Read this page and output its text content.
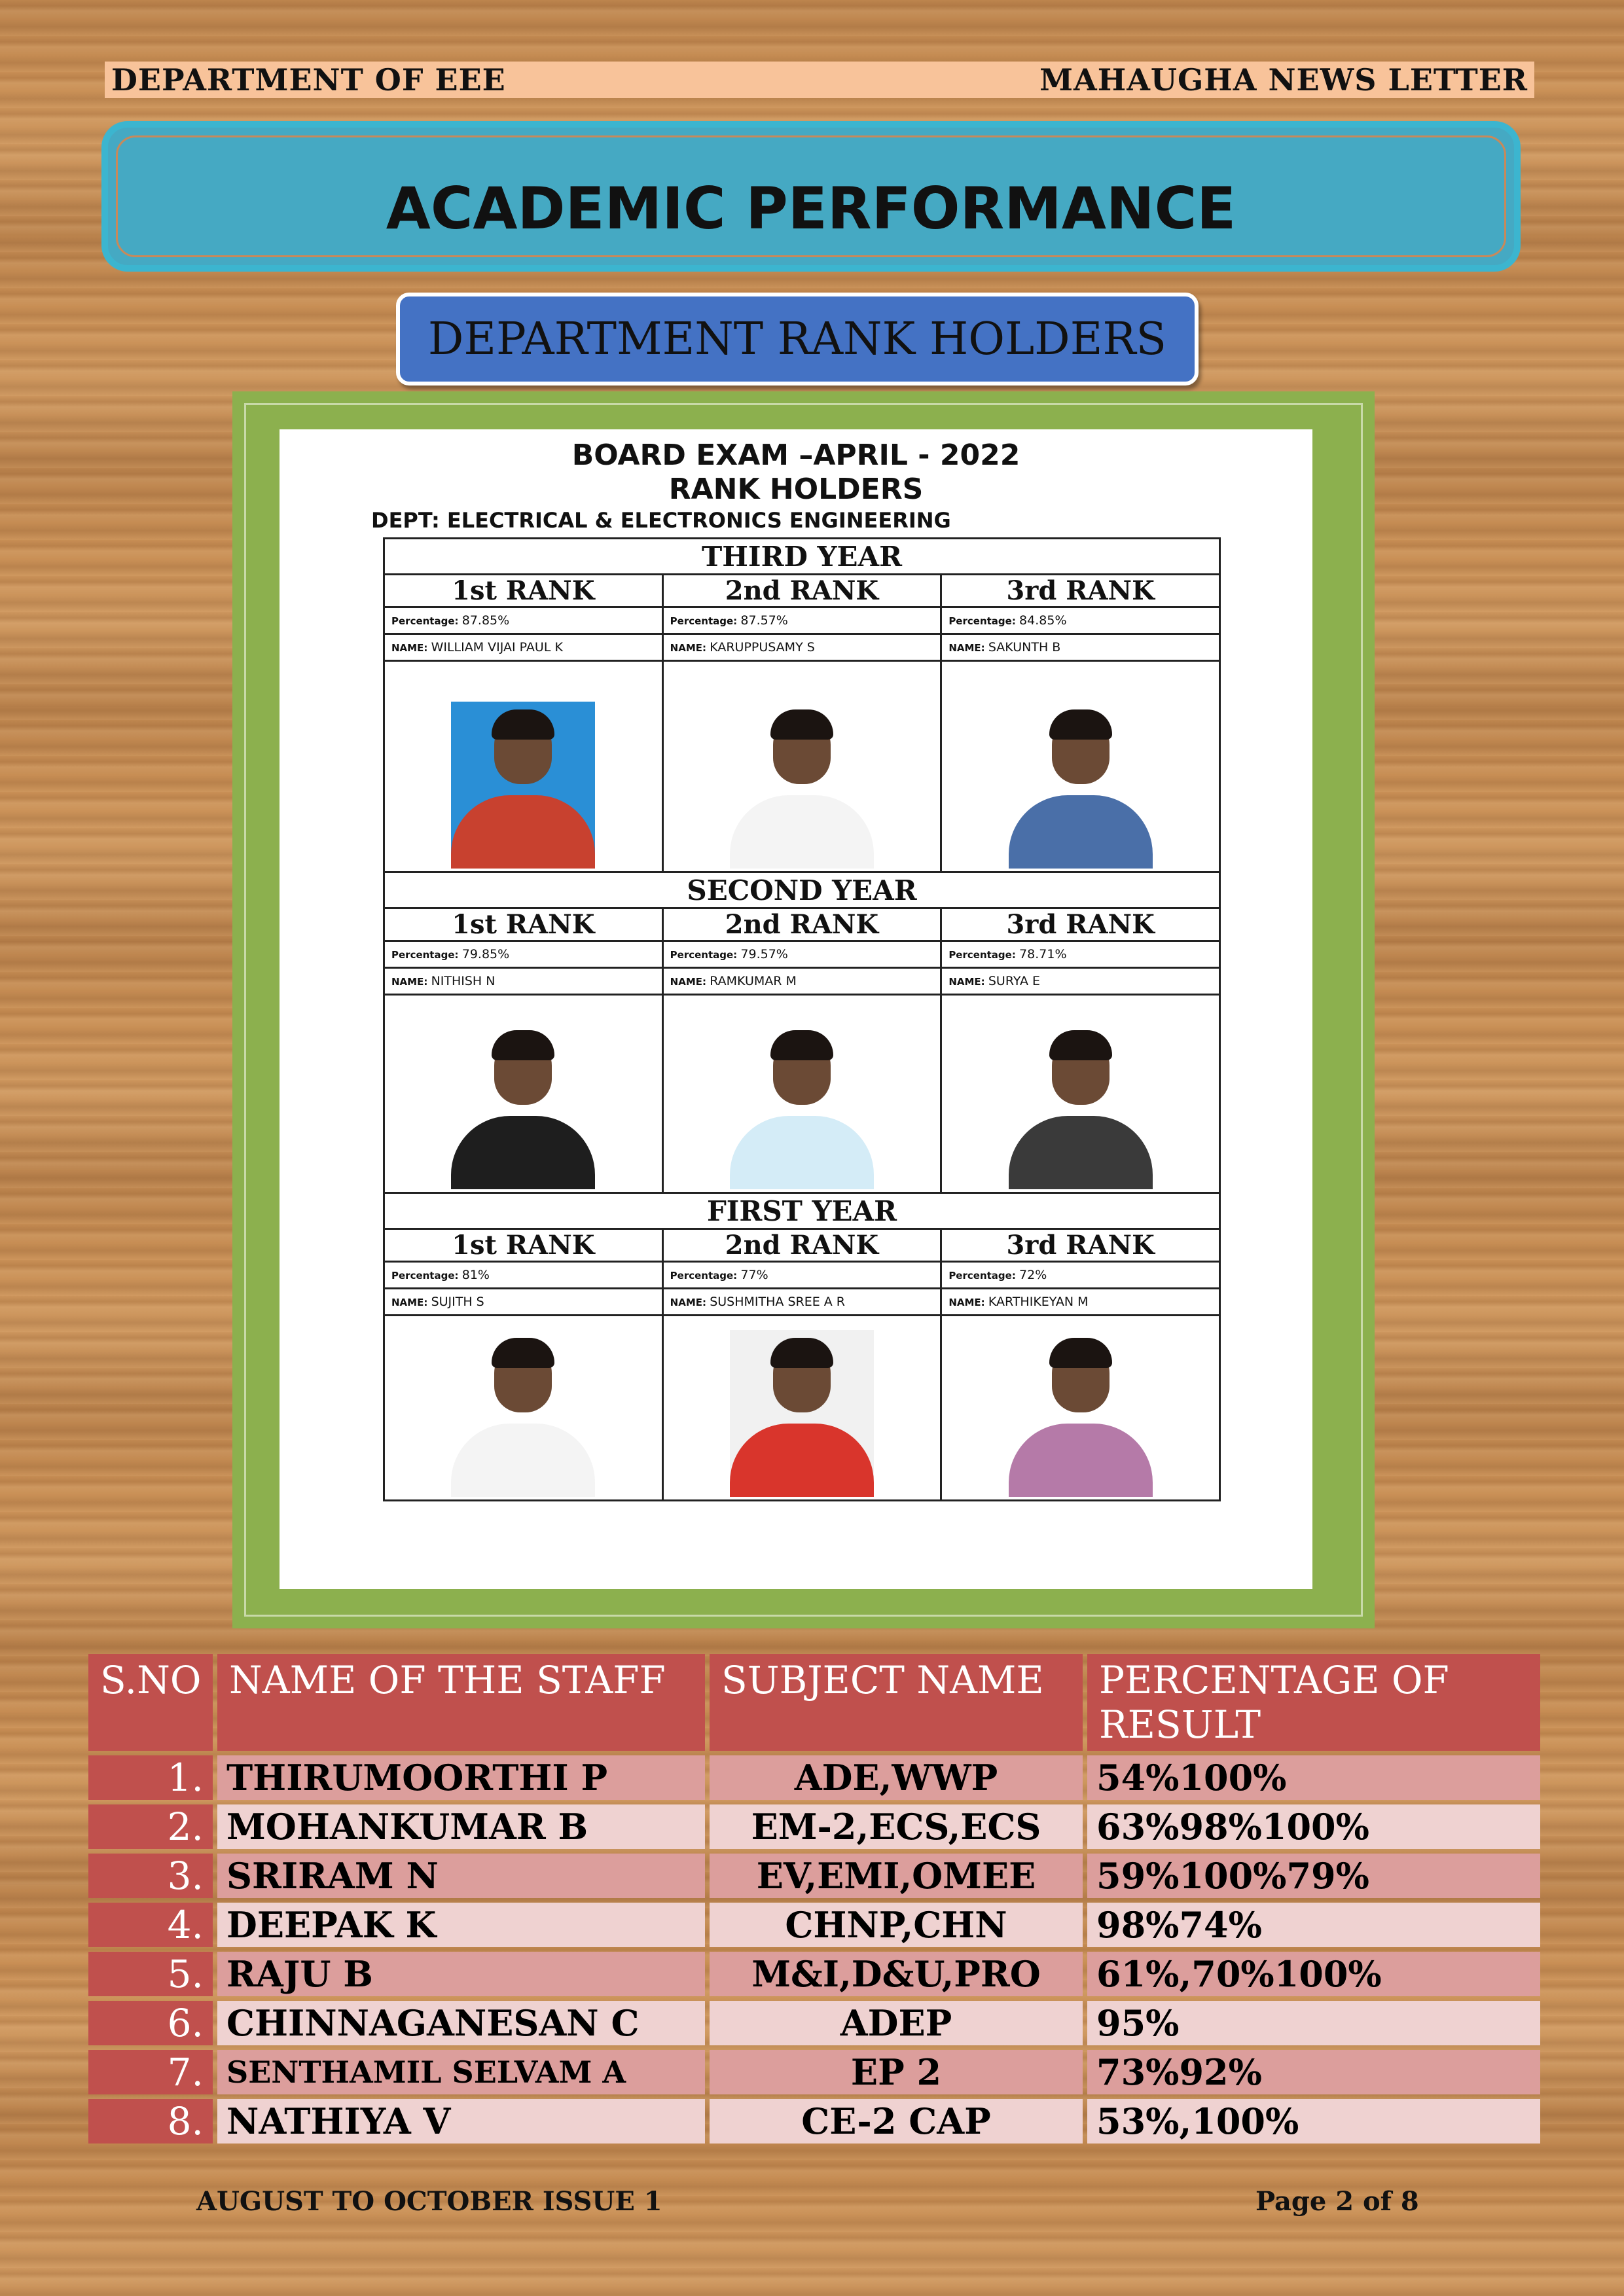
DEPARTMENT OF EEE	MAHAUGHA NEWS LETTER
ACADEMIC PERFORMANCE
DEPARTMENT RANK HOLDERS
BOARD EXAM –APRIL - 2022
RANK HOLDERS
DEPT: ELECTRICAL & ELECTRONICS ENGINEERING
THIRD YEAR		
1st RANK	2nd RANK	3rd RANK
Percentage: 87.85%	Percentage: 87.57%	Percentage: 84.85%
NAME: WILLIAM VIJAI PAUL K	NAME: KARUPPUSAMY S	NAME: SAKUNTH B

SECOND YEAR		
1st RANK	2nd RANK	3rd RANK
Percentage: 79.85%	Percentage: 79.57%	Percentage: 78.71%
NAME: NITHISH N	NAME: RAMKUMAR M	NAME: SURYA E

FIRST YEAR		
1st RANK	2nd RANK	3rd RANK
Percentage: 81%	Percentage: 77%	Percentage: 72%
NAME: SUJITH S	NAME: SUSHMITHA SREE A R	NAME: KARTHIKEYAN M

S.NO	NAME OF THE STAFF	SUBJECT NAME	PERCENTAGE OF RESULT
1.	THIRUMOORTHI P	ADE,WWP	54%100%
2.	MOHANKUMAR B	EM-2,ECS,ECS	63%98%100%
3.	SRIRAM N	EV,EMI,OMEE	59%100%79%
4.	DEEPAK K	CHNP,CHN	98%74%
5.	RAJU B	M&I,D&U,PRO	61%,70%100%
6.	CHINNAGANESAN C	ADEP	95%
7.	SENTHAMIL SELVAM A	EP 2	73%92%
8.	NATHIYA V	CE-2 CAP	53%,100%
AUGUST TO OCTOBER ISSUE 1	Page 2 of 8
